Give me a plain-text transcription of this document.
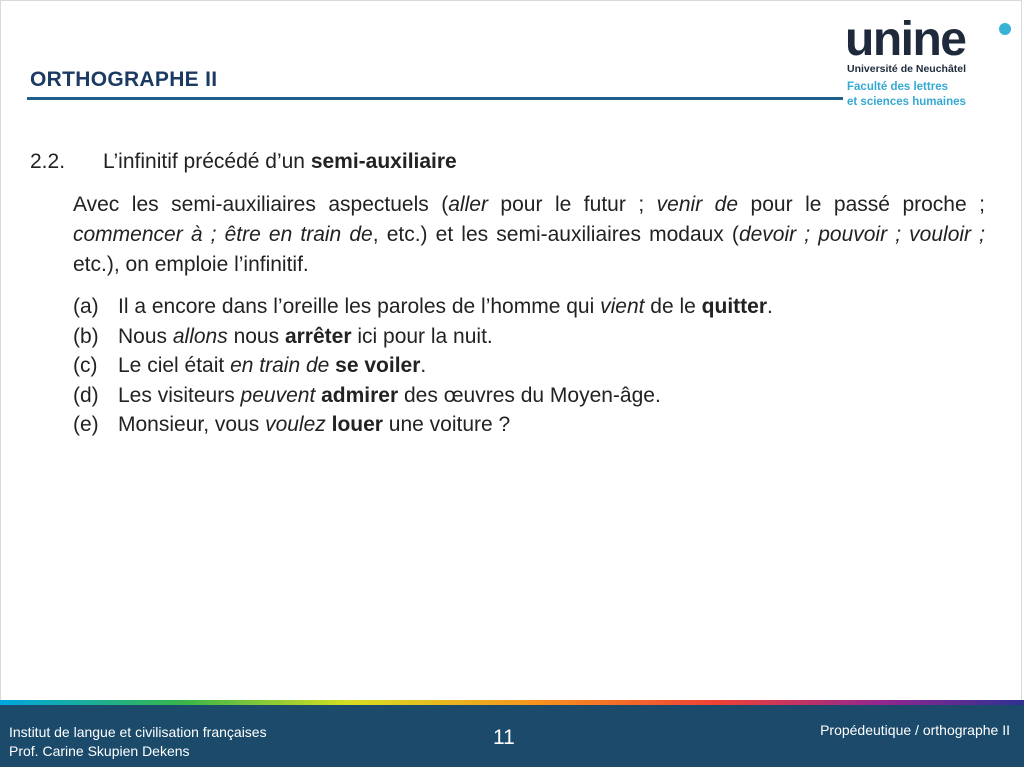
ORTHOGRAPHE II
unine
Université de Neuchâtel
Faculté des lettres
et sciences humaines
2.2. L’infinitif précédé d’un semi-auxiliaire
Avec les semi-auxiliaires aspectuels (aller pour le futur ; venir de pour le passé proche ; commencer à ; être en train de, etc.) et les semi-auxiliaires modaux (devoir ; pouvoir ; vouloir ; etc.), on emploie l’infinitif.
(a) Il a encore dans l’oreille les paroles de l’homme qui vient de le quitter.
(b) Nous allons nous arrêter ici pour la nuit.
(c) Le ciel était en train de se voiler.
(d) Les visiteurs peuvent admirer des œuvres du Moyen-âge.
(e) Monsieur, vous voulez louer une voiture ?
Institut de langue et civilisation françaises
Prof. Carine Skupien Dekens
11	Propédeutique / orthographe II
